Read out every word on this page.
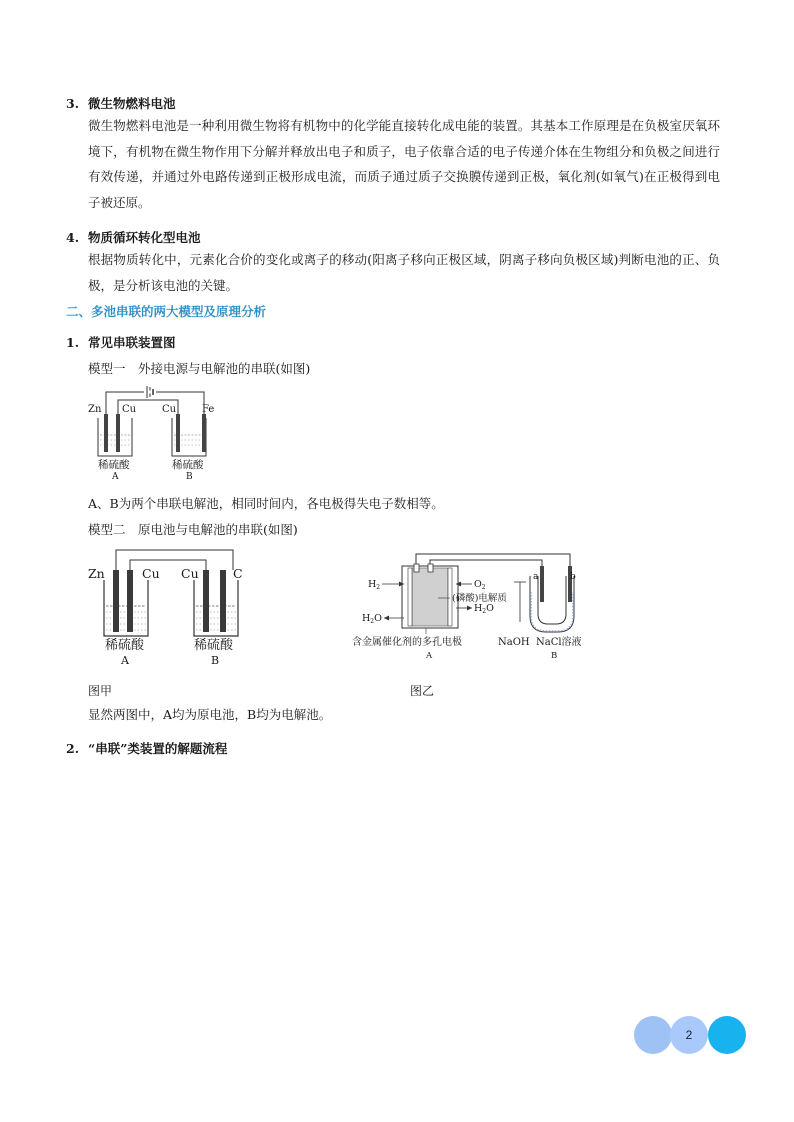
3. 微生物燃料电池
微生物燃料电池是一种利用微生物将有机物中的化学能直接转化成电能的装置。其基本工作原理是在负极室厌氧环境下，有机物在微生物作用下分解并释放出电子和质子，电子依靠合适的电子传递介体在生物组分和负极之间进行有效传递，并通过外电路传递到正极形成电流，而质子通过质子交换膜传递到正极，氧化剂(如氧气)在正极得到电子被还原。
4. 物质循环转化型电池
根据物质转化中，元素化合价的变化或离子的移动(阳离子移向正极区域，阴离子移向负极区域)判断电池的正、负极，是分析该电池的关键。
二、多池串联的两大模型及原理分析
1. 常见串联装置图
模型一　外接电源与电解池的串联(如图)
Zn Cu	Cu	Fe
稀硫酸	稀硫酸
A	B
A、B为两个串联电解池，相同时间内，各电极得失电子数相等。
模型二　原电池与电解池的串联(如图)
Zn	Cu Cu	C
稀硫酸	稀硫酸
A	B
$H_2$	$O_2$
$H_2O$
$H_2O$
(磷酸)电解质
含金属催化剂的多孔电极
A
a	b
NaOH NaCl溶液
B
图甲	图乙
显然两图中，A均为原电池，B均为电解池。
2. “串联”类装置的解题流程
2
